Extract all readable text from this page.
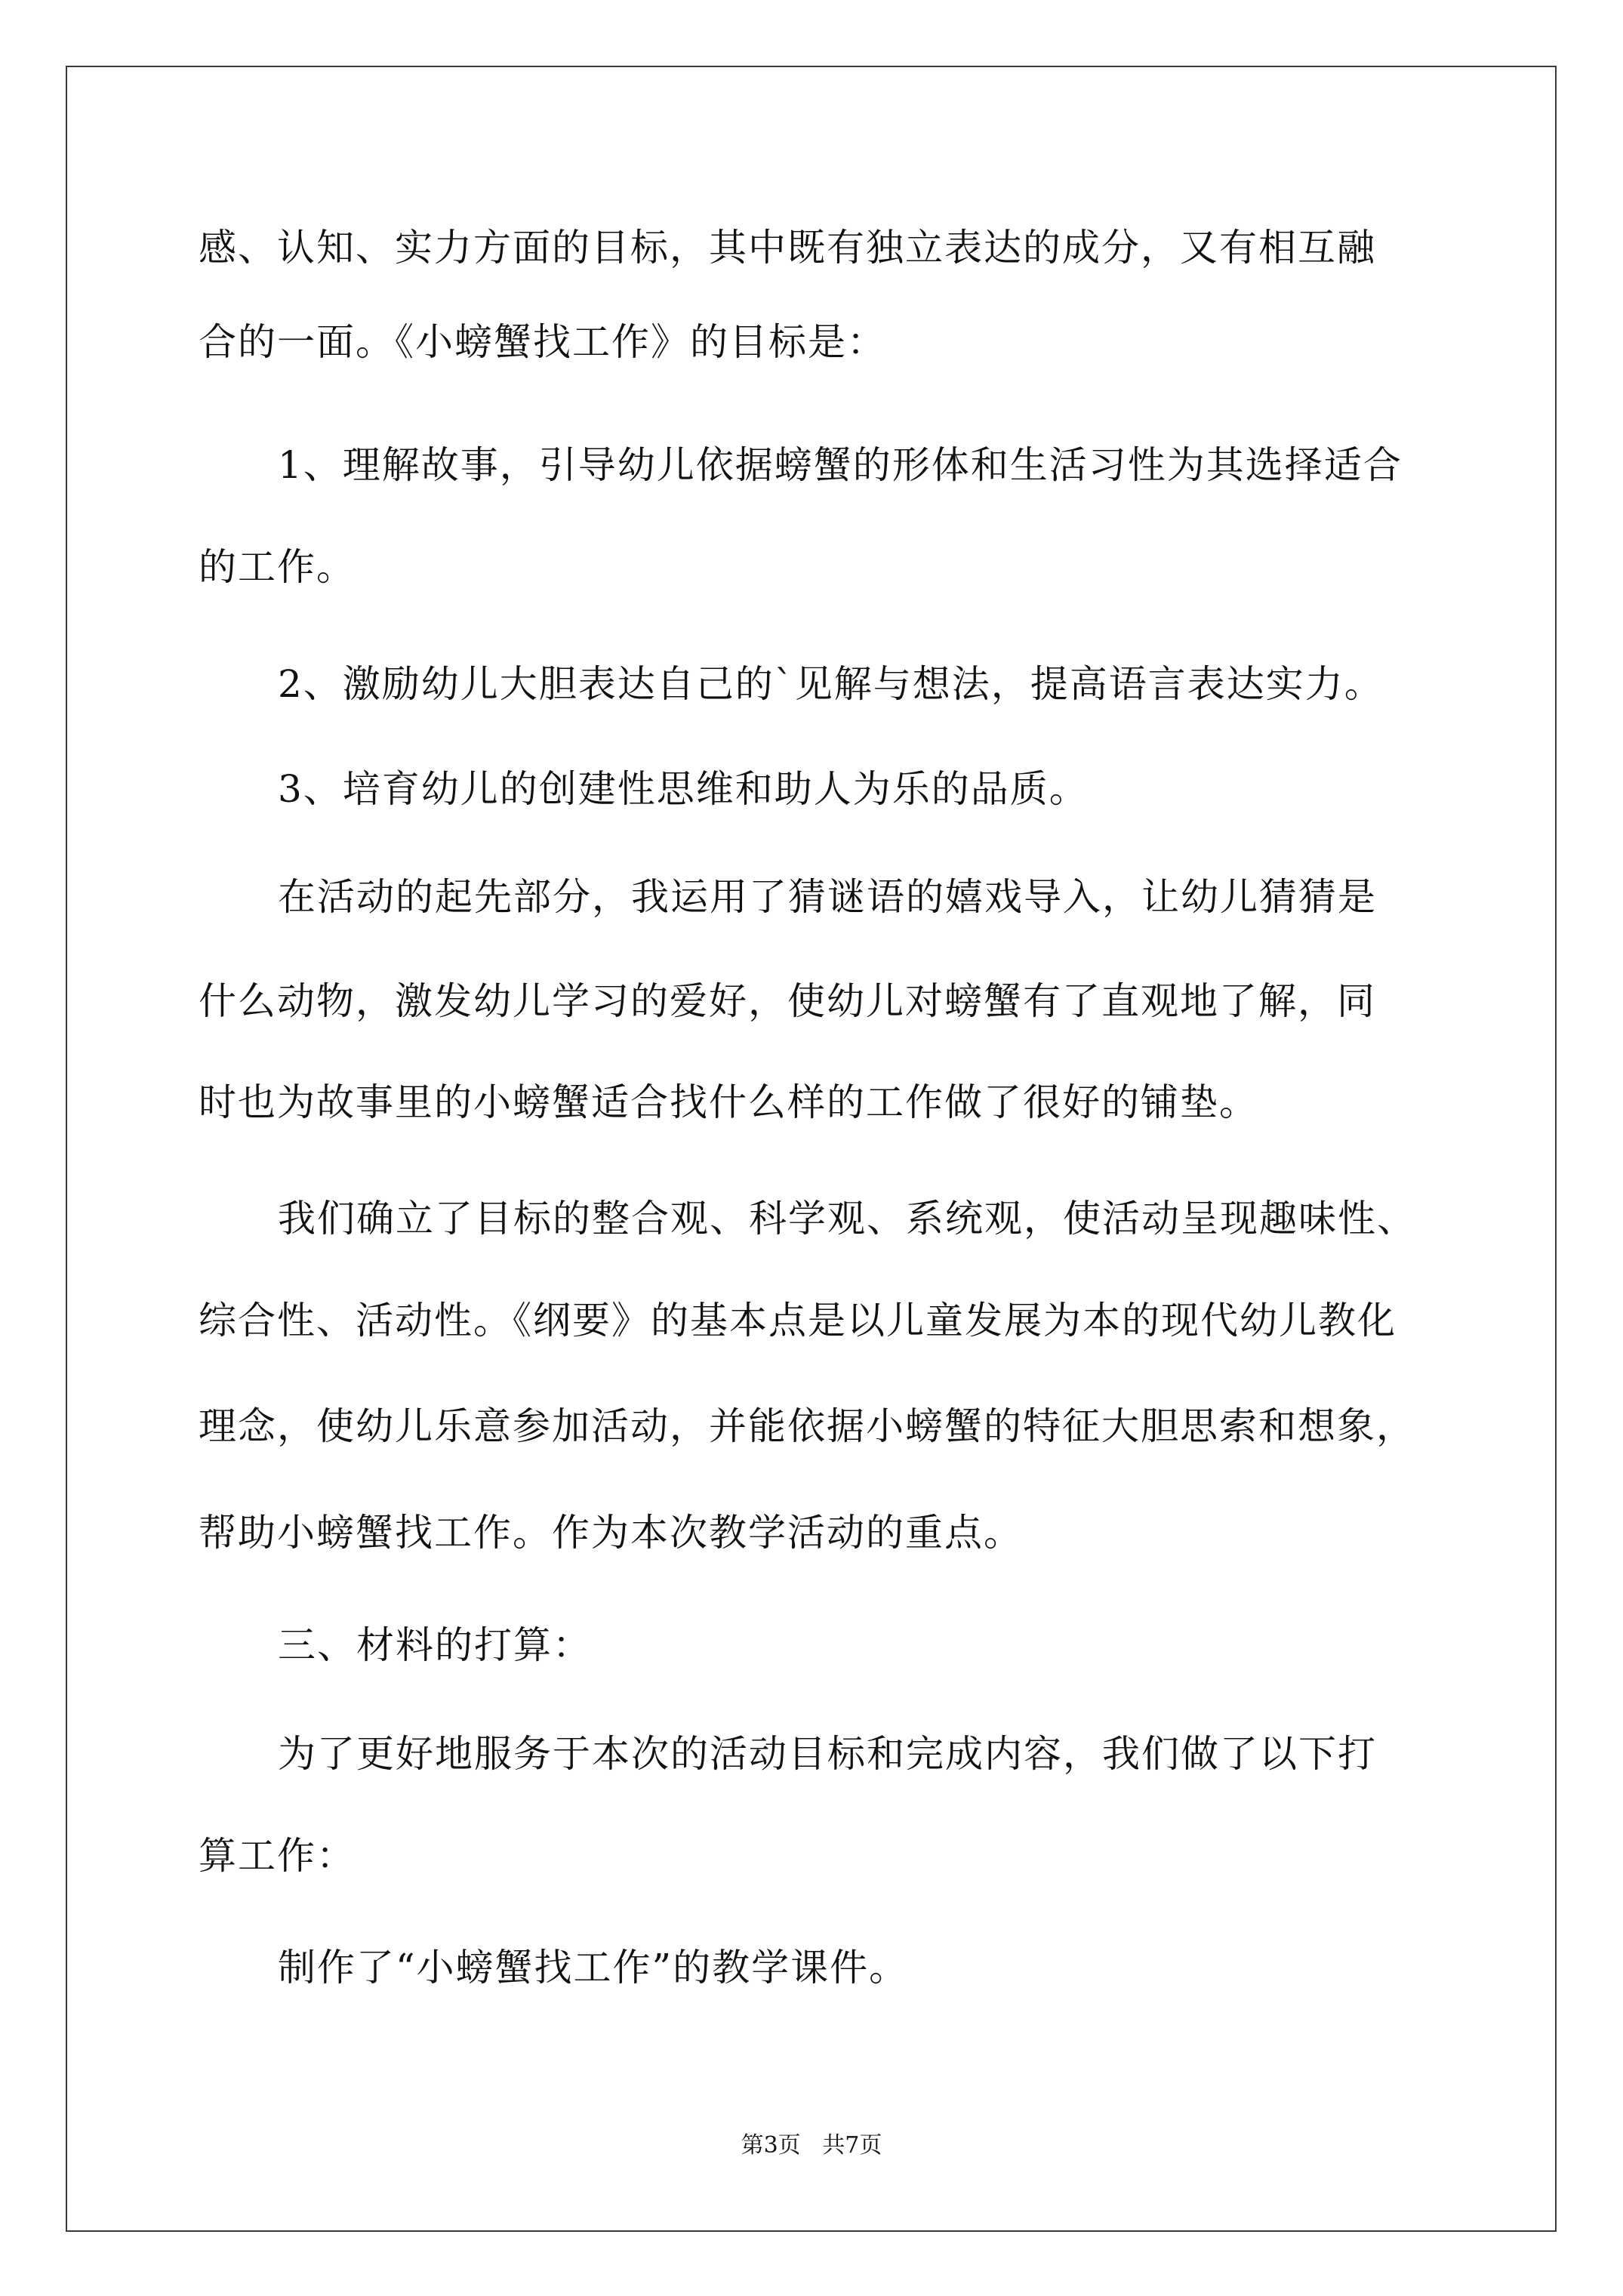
感、认知、实力方面的目标，其中既有独立表达的成分，又有相互融
合的一面。《小螃蟹找工作》的目标是：
1、理解故事，引导幼儿依据螃蟹的形体和生活习性为其选择适合
的工作。
2、激励幼儿大胆表达自己的`见解与想法，提高语言表达实力。
3、培育幼儿的创建性思维和助人为乐的品质。
在活动的起先部分，我运用了猜谜语的嬉戏导入，让幼儿猜猜是
什么动物，激发幼儿学习的爱好，使幼儿对螃蟹有了直观地了解，同
时也为故事里的小螃蟹适合找什么样的工作做了很好的铺垫。
我们确立了目标的整合观、科学观、系统观，使活动呈现趣味性、
综合性、活动性。《纲要》的基本点是以儿童发展为本的现代幼儿教化
理念，使幼儿乐意参加活动，并能依据小螃蟹的特征大胆思索和想象，
帮助小螃蟹找工作。作为本次教学活动的重点。
三、材料的打算：
为了更好地服务于本次的活动目标和完成内容，我们做了以下打
算工作：
制作了“小螃蟹找工作”的教学课件。
第3页   共7页
